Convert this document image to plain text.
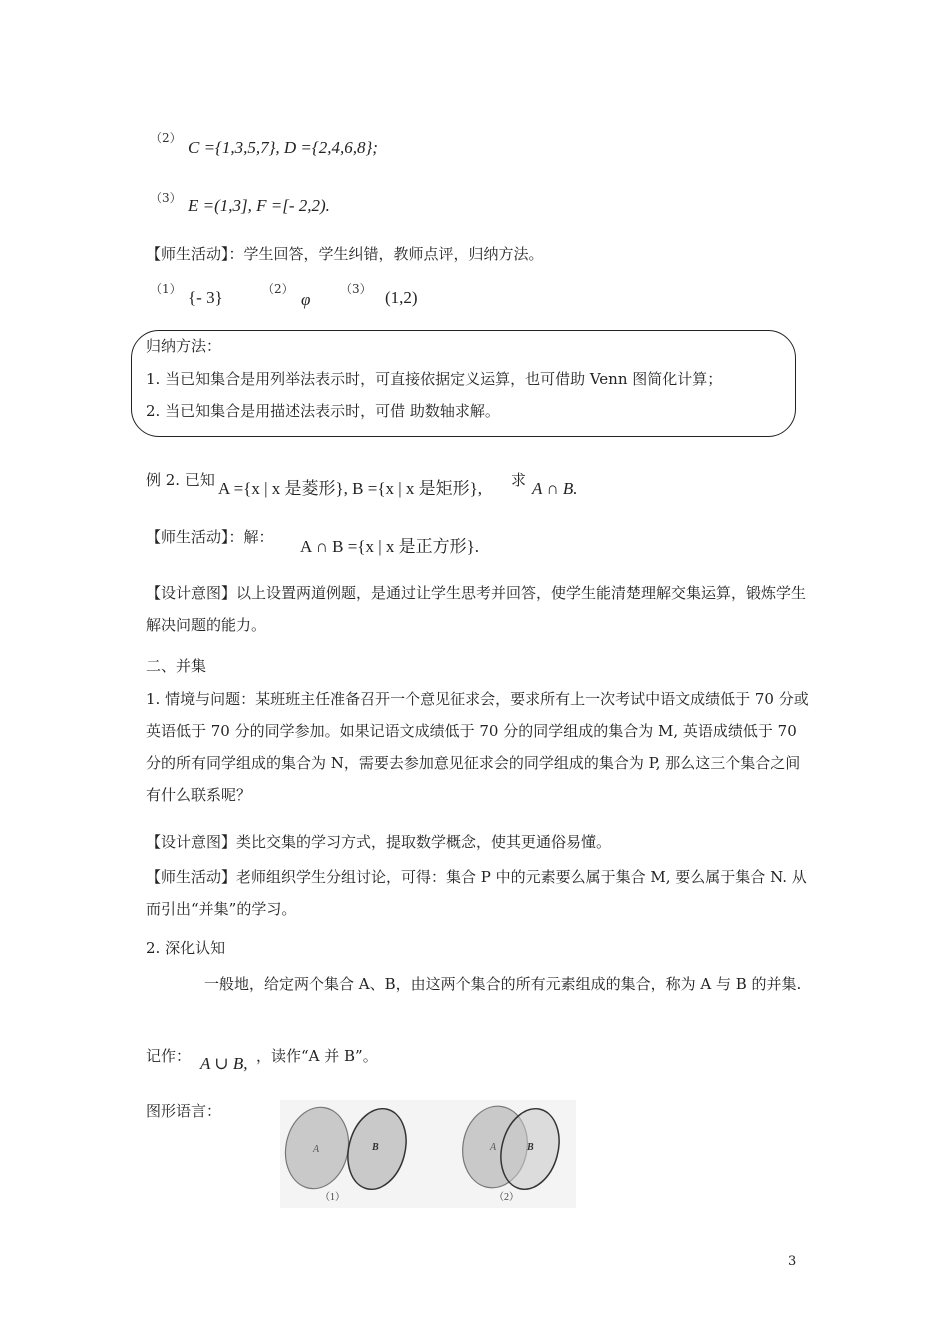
（2） C ={1,3,5,7}, D ={2,4,6,8};
（3） E =(1,3], F =[- 2,2).
【师生活动】：学生回答，学生纠错，教师点评，归纳方法。
（1） {- 3}	（2）
φ
（3） (1,2)
归纳方法：
1. 当已知集合是用列举法表示时，可直接依据定义运算，也可借助 Venn 图简化计算；
2. 当已知集合是用描述法表示时，可借 助数轴求解。
例 2. 已知 A ={x | x 是菱形}, B ={x | x 是矩形}, 求 A ∩ B.
【师生活动】：解： A ∩ B ={x | x 是正方形}.
【设计意图】以上设置两道例题，是通过让学生思考并回答，使学生能清楚理解交集运算，锻炼学生解决问题的能力。
二、并集
1. 情境与问题：某班班主任准备召开一个意见征求会，要求所有上一次考试中语文成绩低于 70 分或英语低于 70 分的同学参加。如果记语文成绩低于 70 分的同学组成的集合为 M, 英语成绩低于 70 分的所有同学组成的集合为 N，需要去参加意见征求会的同学组成的集合为 P, 那么这三个集合之间有什么联系呢？
【设计意图】类比交集的学习方式，提取数学概念，使其更通俗易懂。
【师生活动】老师组织学生分组讨论，可得：集合 P 中的元素要么属于集合 M, 要么属于集合 N. 从而引出“并集”的学习。
2. 深化认知
一般地，给定两个集合 A、B，由这两个集合的所有元素组成的集合，称为 A 与 B 的并集.
记作： A ∪ B, ，读作“A 并 B”。
图形语言：
A	B
（1）
A	B
（2）
3
